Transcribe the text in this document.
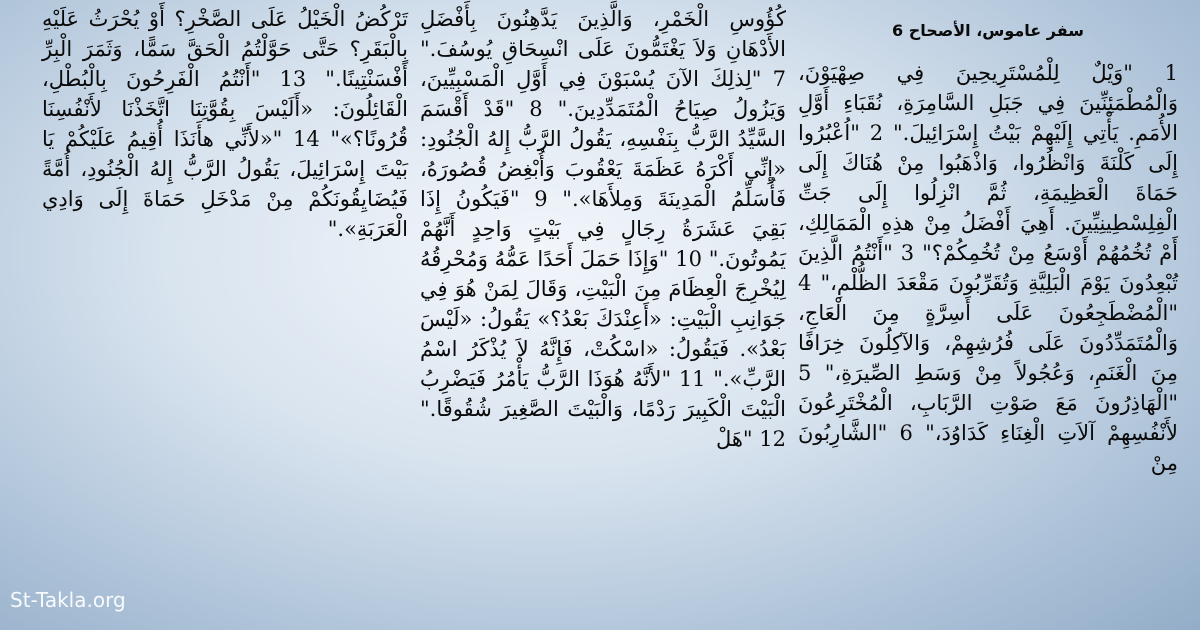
سفر عاموس، الأصحاح 6

1 "وَيْلٌ لِلْمُسْتَرِيحِينَ فِي صِهْيَوْنَ، وَالْمُطْمَئِنِّينَ فِي جَبَلِ السَّامِرَةِ، نُقَبَاءِ أَوَّلِ الأُمَمِ. يَأْتِي إِلَيْهِمْ بَيْتُ إِسْرَائِيلَ." 2 "اُعْبُرُوا إِلَى كَلْنَةَ وَانْظُرُوا، وَاذْهَبُوا مِنْ هُنَاكَ إِلَى حَمَاةَ الْعَظِيمَةِ، ثُمَّ انْزِلُوا إِلَى جَتِّ الْفِلِسْطِينِيِّينَ. أَهِيَ أَفْضَلُ مِنْ هذِهِ الْمَمَالِكِ، أَمْ تُخُمُهُمْ أَوْسَعُ مِنْ تُخُمِكُمْ؟" 3 "أَنْتُمُ الَّذِينَ تُبْعِدُونَ يَوْمَ الْبَلِيَّةِ وَتُقَرِّبُونَ مَقْعَدَ الظُّلْمِ،" 4 "الْمُضْطَجِعُونَ عَلَى أَسِرَّةٍ مِنَ الْعَاجِ، وَالْمُتَمَدِّدُونَ عَلَى فُرُشِهِمْ، وَالآكِلُونَ خِرَافًا مِنَ الْغَنَمِ، وَعُجُولاً مِنْ وَسَطِ الصِّيرَةِ،" 5 "الْهَاذِرُونَ مَعَ صَوْتِ الرَّبَابِ، الْمُخْتَرِعُونَ لأَنْفُسِهِمْ آلاَتِ الْغِنَاءِ كَدَاوُدَ،" 6 "الشَّارِبُونَ مِنْ

كُؤُوسِ الْخَمْرِ، وَالَّذِينَ يَدَّهِنُونَ بِأَفْضَلِ الأَدْهَانِ وَلاَ يَغْتَمُّونَ عَلَى انْسِحَاقِ يُوسُفَ." 7 "لِذلِكَ الآنَ يُسْبَوْنَ فِي أَوَّلِ الْمَسْبِيِّينَ، وَيَزُولُ صِيَاحُ الْمُتَمَدِّدِينَ." 8 "قَدْ أَقْسَمَ السَّيِّدُ الرَّبُّ بِنَفْسِهِ، يَقُولُ الرَّبُّ إِلهُ الْجُنُودِ: «إِنِّي أَكْرَهُ عَظَمَةَ يَعْقُوبَ وَأُبْغِضُ قُصُورَهُ، فَأُسَلِّمُ الْمَدِينَةَ وَمِلأَهَا»." 9 "فَيَكُونُ إِذَا بَقِيَ عَشَرَةُ رِجَالٍ فِي بَيْتٍ وَاحِدٍ أَنَّهُمْ يَمُوتُونَ." 10 "وَإِذَا حَمَلَ أَحَدًا عَمُّهُ وَمُحْرِقُهُ لِيُخْرِجَ الْعِظَامَ مِنَ الْبَيْتِ، وَقَالَ لِمَنْ هُوَ فِي جَوَانِبِ الْبَيْتِ: «أَعِنْدَكَ بَعْدُ؟» يَقُولُ: «لَيْسَ بَعْدُ». فَيَقُولُ: «اسْكُتْ، فَإِنَّهُ لاَ يُذْكَرُ اسْمُ الرَّبِّ»." 11 "لأَنَّهُ هُوَذَا الرَّبُّ يَأْمُرُ فَيَضْرِبُ الْبَيْتَ الْكَبِيرَ رَدْمًا، وَالْبَيْتَ الصَّغِيرَ شُقُوقًا." 12 "هَلْ

تَرْكُضُ الْخَيْلُ عَلَى الصَّخْرِ؟ أَوْ يُحْرَثُ عَلَيْهِ بِالْبَقَرِ؟ حَتَّى حَوَّلْتُمُ الْحَقَّ سَمًّا، وَثَمَرَ الْبِرِّ أَفْسَنْتِينًا." 13 "أَنْتُمُ الْفَرِحُونَ بِالْبُطْلِ، الْقَائِلُونَ: «أَلَيْسَ بِقُوَّتِنَا اتَّخَذْنَا لأَنْفُسِنَا قُرُونًا؟»" 14 "«لأَنِّي هأَنَذَا أُقِيمُ عَلَيْكُمْ يَا بَيْتَ إِسْرَائِيلَ، يَقُولُ الرَّبُّ إِلهُ الْجُنُودِ، أُمَّةً فَيُضَايِقُونَكُمْ مِنْ مَدْخَلِ حَمَاةَ إِلَى وَادِي الْعَرَبَةِ»."

St-Takla.org
